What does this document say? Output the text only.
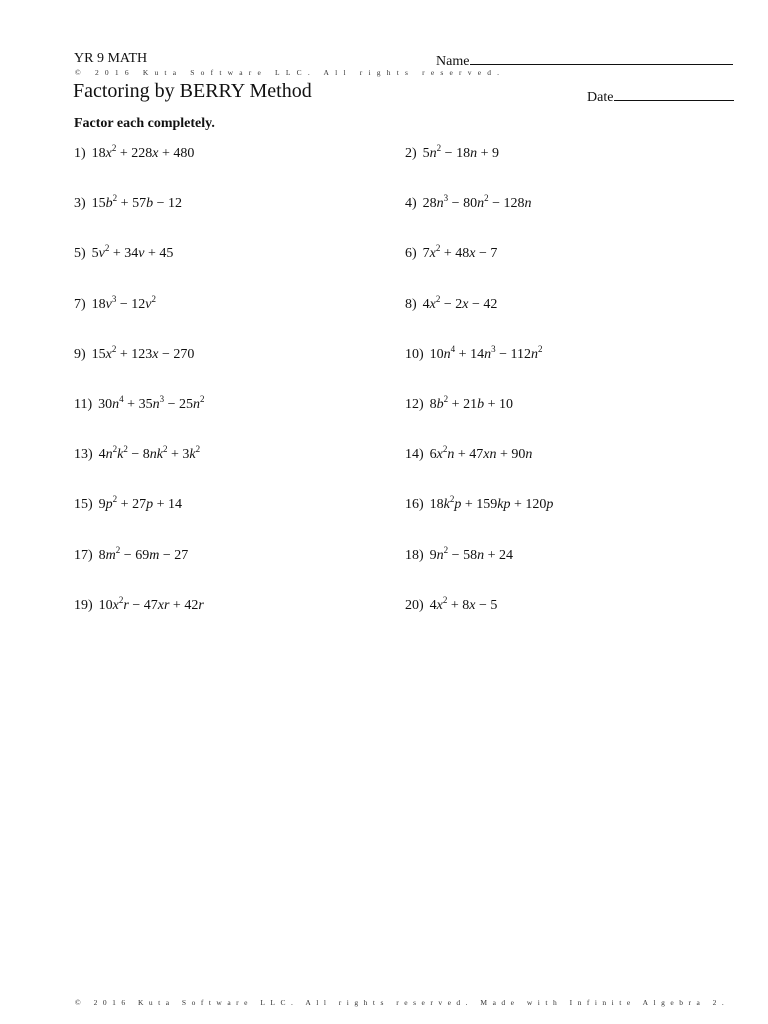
YR 9 MATH
© 2016 Kuta Software LLC. All rights reserved.
Factoring by BERRY Method
Name
Date
Factor each completely.
1) $18x^2 + 228x + 480$	2) $5n^2 - 18n + 9$
3) $15b^2 + 57b - 12$	4) $28n^3 - 80n^2 - 128n$
5) $5v^2 + 34v + 45$	6) $7x^2 + 48x - 7$
7) $18v^3 - 12v^2$	8) $4x^2 - 2x - 42$
9) $15x^2 + 123x - 270$	10) $10n^4 + 14n^3 - 112n^2$
11) $30n^4 + 35n^3 - 25n^2$	12) $8b^2 + 21b + 10$
13) $4n^2k^2 - 8nk^2 + 3k^2$	14) $6x^2n + 47xn + 90n$
15) $9p^2 + 27p + 14$	16) $18k^2p + 159kp + 120p$
17) $8m^2 - 69m - 27$	18) $9n^2 - 58n + 24$
19) $10x^2r - 47xr + 42r$	20) $4x^2 + 8x - 5$
© 2016 Kuta Software LLC. All rights reserved. Made with Infinite Algebra 2.
